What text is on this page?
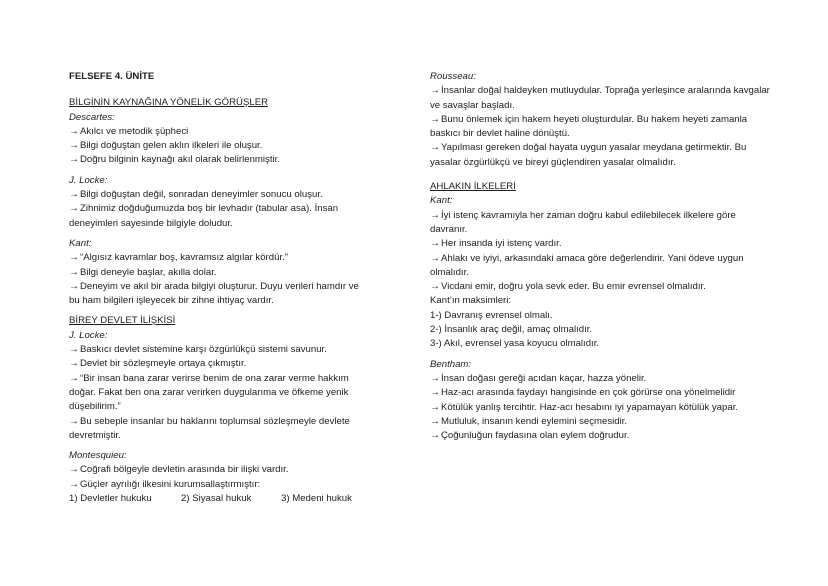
FELSEFE 4. ÜNİTE
BİLGİNİN KAYNAĞINA YÖNELİK GÖRÜŞLER
Descartes:
→Akılcı ve metodik şüpheci
→Bilgi doğuştan gelen aklın ilkeleri ile oluşur.
→Doğru bilginin kaynağı akıl olarak belirlenmiştir.
J. Locke:
→Bilgi doğuştan değil, sonradan deneyimler sonucu oluşur.
→Zihnimiz doğduğumuzda boş bir levhadır (tabular asa). İnsan deneyimleri sayesinde bilgiyle doludur.
Kant:
→“Algısız kavramlar boş, kavramsız algılar kördür.”
→Bilgi deneyle başlar, akılla dolar.
→Deneyim ve akıl bir arada bilgiyi oluşturur. Duyu verileri hamdır ve bu ham bilgileri işleyecek bir zihne ihtiyaç vardır.
BİREY DEVLET İLİŞKİSİ
J. Locke:
→Baskıcı devlet sistemine karşı özgürlükçü sistemi savunur.
→Devlet bir sözleşmeyle ortaya çıkmıştır.
→“Bir insan bana zarar verirse benim de ona zarar verme hakkım doğar. Fakat ben ona zarar verirken duygularıma ve öfkeme yenik düşebilirim.”
→Bu sebeple insanlar bu haklarını toplumsal sözleşmeyle devlete devretmiştir.
Montesquieu:
→Coğrafi bölgeyle devletin arasında bir ilişki vardır.
→Güçler ayrılığı ilkesini kurumsallaştırmıştır:
1) Devletler hukuku	2) Siyasal hukuk	3) Medeni hukuk
Rousseau:
→İnsanlar doğal haldeyken mutluydular. Toprağa yerleşince aralarında kavgalar ve savaşlar başladı.
→Bunu önlemek için hakem heyeti oluşturdular. Bu hakem heyeti zamanla baskıcı bir devlet haline dönüştü.
→Yapılması gereken doğal hayata uygun yasalar meydana getirmektir. Bu yasalar özgürlükçü ve bireyi güçlendiren yasalar olmalıdır.
AHLAKIN İLKELERİ
Kant:
→İyi istenç kavramıyla her zaman doğru kabul edilebilecek ilkelere göre davranır.
→Her insanda iyi istenç vardır.
→Ahlakı ve iyiyi, arkasındaki amaca göre değerlendirir. Yani ödeve uygun olmalıdır.
→Vicdani emir, doğru yola sevk eder. Bu emir evrensel olmalıdır.
Kant’ın maksimleri:
1-) Davranış evrensel olmalı.
2-) İnsanlık araç değil, amaç olmalıdır.
3-) Akıl, evrensel yasa koyucu olmalıdır.
Bentham:
→İnsan doğası gereği acıdan kaçar, hazza yönelir.
→Haz-acı arasında faydayı hangisinde en çok görürse ona yönelmelidir
→Kötülük yanlış tercihtir. Haz-acı hesabını iyi yapamayan kötülük yapar.
→Mutluluk, insanın kendi eylemini seçmesidir.
→Çoğunluğun faydasına olan eylem doğrudur.
